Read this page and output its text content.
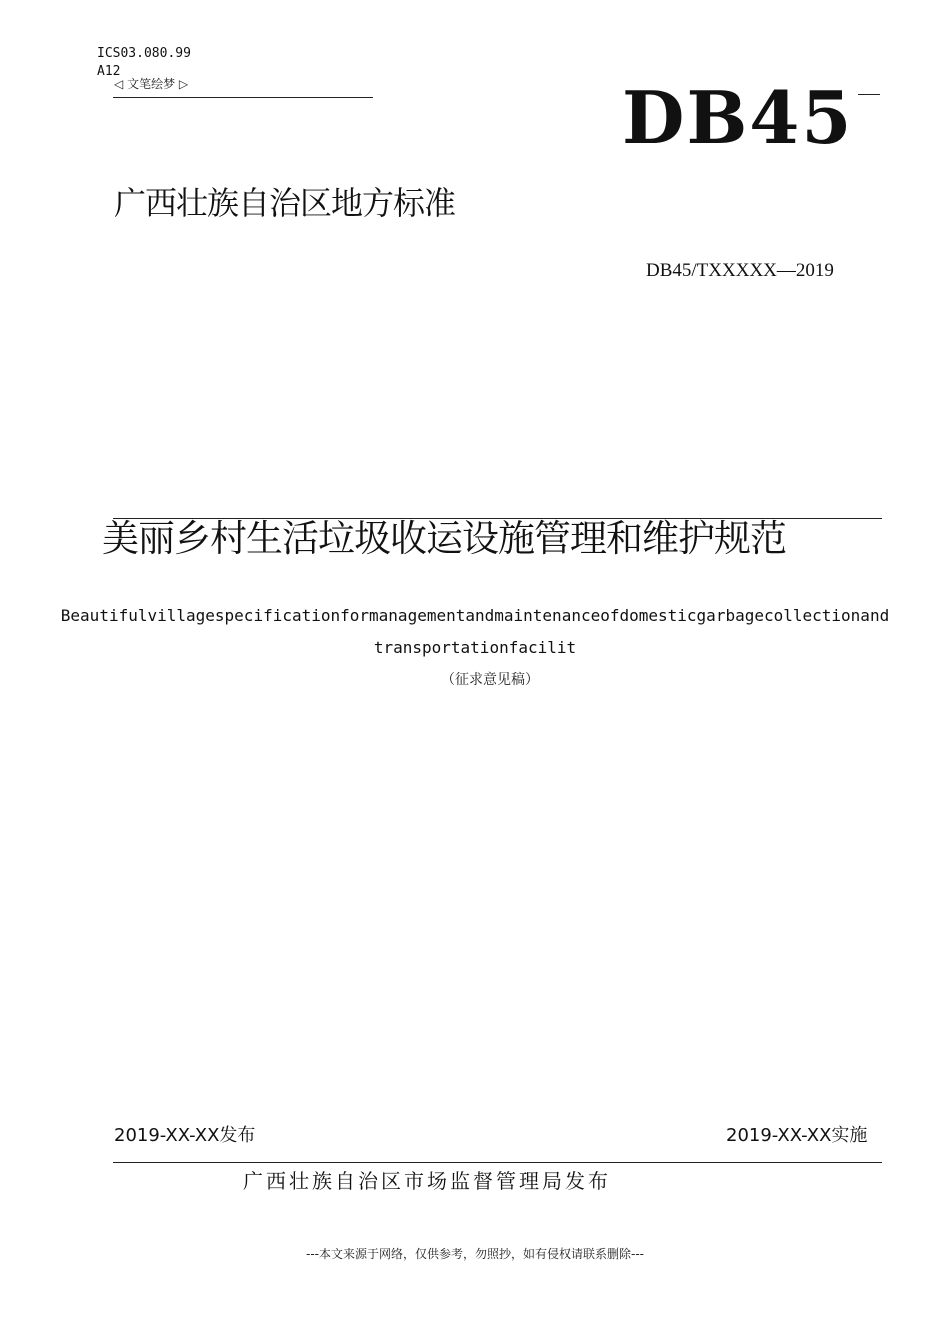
ICS03.080.99
A12
◁ 文笔绘梦 ▷	DB45
广西壮族自治区地方标准
DB45/TXXXXX—2019
美丽乡村生活垃圾收运设施管理和维护规范
Beautifulvillagespecificationformanagementandmaintenanceofdomesticgarbagecollectionandtransportationfacilit
（征求意见稿）
2019-XX-XX发布	2019-XX-XX实施
广西壮族自治区市场监督管理局发布
---本文来源于网络，仅供参考，勿照抄，如有侵权请联系删除---
